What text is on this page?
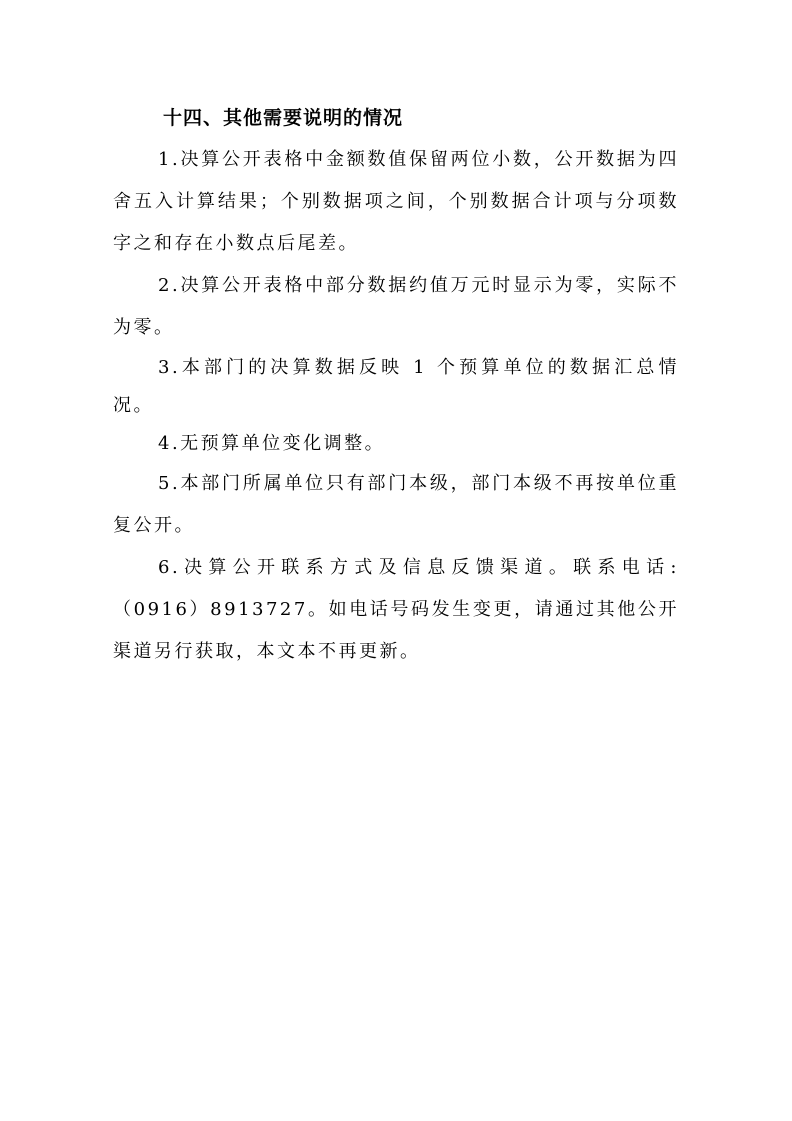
十四、其他需要说明的情况

1.决算公开表格中金额数值保留两位小数，公开数据为四舍五入计算结果；个别数据项之间，个别数据合计项与分项数字之和存在小数点后尾差。

2.决算公开表格中部分数据约值万元时显示为零，实际不为零。

3.本部门的决算数据反映 1 个预算单位的数据汇总情况。

4.无预算单位变化调整。

5.本部门所属单位只有部门本级，部门本级不再按单位重复公开。

6.决算公开联系方式及信息反馈渠道。联系电话:（0916）8913727。如电话号码发生变更，请通过其他公开渠道另行获取，本文本不再更新。
